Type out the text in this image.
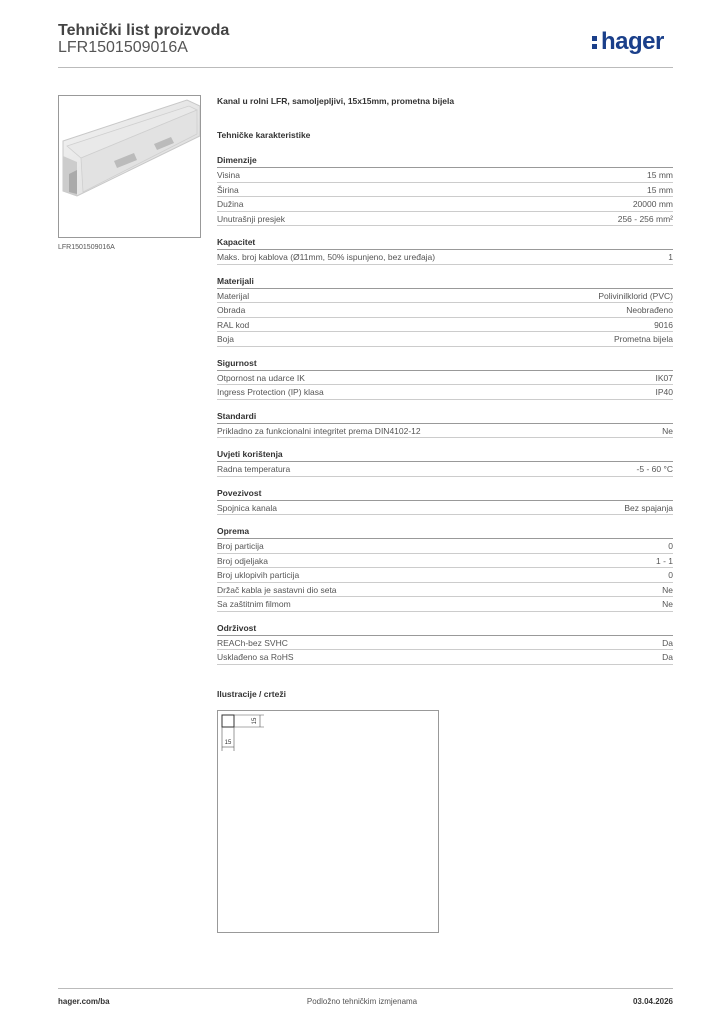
Tehnički list proizvoda
LFR1501509016A	hager
LFR1501509016A
Kanal u rolni LFR, samoljepljivi, 15x15mm, prometna bijela
Tehničke karakteristike
Dimenzije
Visina	15 mm
Širina	15 mm
Dužina	20000 mm
Unutrašnji presjek	256 - 256 mm²
Kapacitet
Maks. broj kablova (Ø11mm, 50% ispunjeno, bez uređaja)	1
Materijali
Materijal	Polivinilklorid (PVC)
Obrada	Neobrađeno
RAL kod	9016
Boja	Prometna bijela
Sigurnost
Otpornost na udarce IK	IK07
Ingress Protection (IP) klasa	IP40
Standardi
Prikladno za funkcionalni integritet prema DIN4102-12	Ne
Uvjeti korištenja
Radna temperatura	-5 - 60 °C
Povezivost
Spojnica kanala	Bez spajanja
Oprema
Broj particija	0
Broj odjeljaka	1 - 1
Broj uklopivih particija	0
Držač kabla je sastavni dio seta	Ne
Sa zaštitnim filmom	Ne
Održivost
REACh-bez SVHC	Da
Usklađeno sa RoHS	Da
Ilustracije / crteži
15
15
hager.com/ba	Podložno tehničkim izmjenama	03.04.2026
